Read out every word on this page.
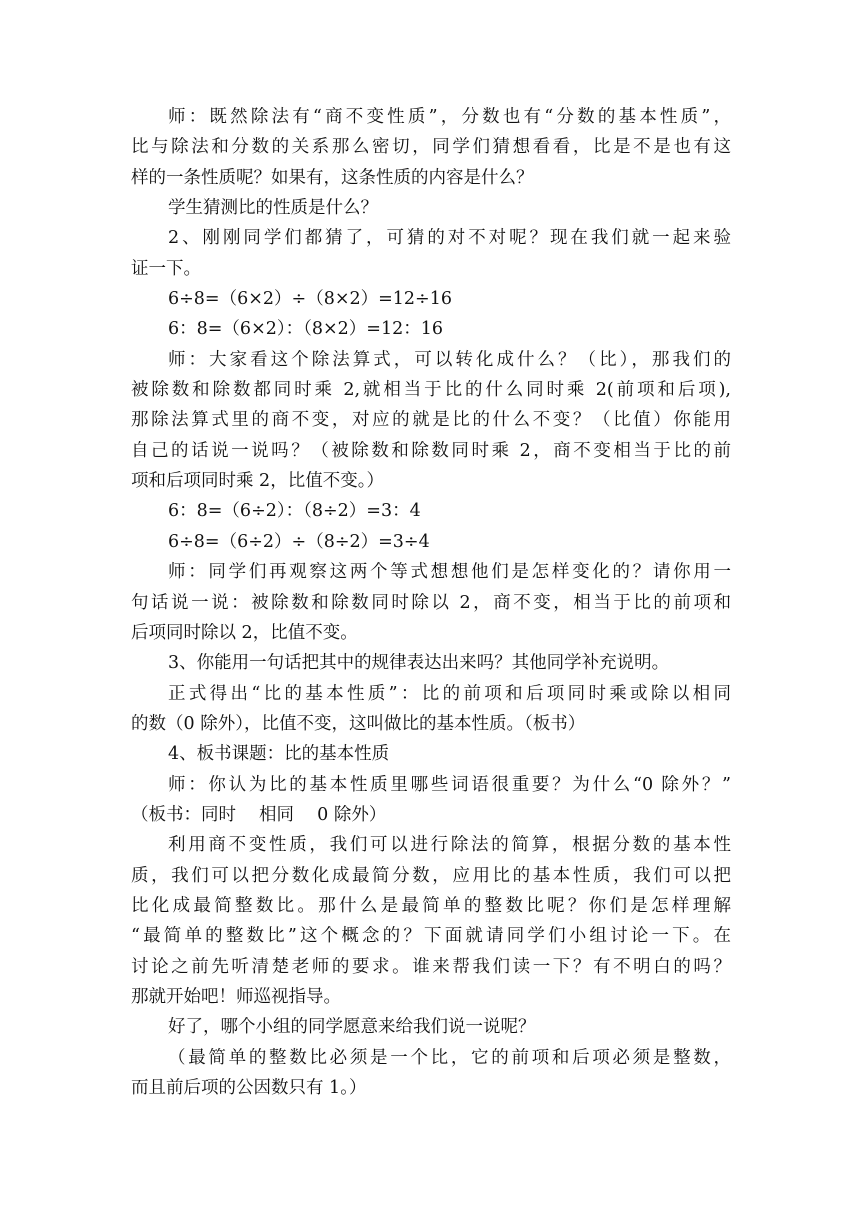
师：既然除法有“商不变性质”，分数也有“分数的基本性质”，
比与除法和分数的关系那么密切，同学们猜想看看，比是不是也有这
样的一条性质呢？如果有，这条性质的内容是什么？
学生猜测比的性质是什么？
2、刚刚同学们都猜了，可猜的对不对呢？现在我们就一起来验
证一下。
6÷8=（6×2）÷（8×2）=12÷16
6：8=（6×2）：（8×2）=12：16
师：大家看这个除法算式，可以转化成什么？（比），那我们的
被除数和除数都同时乘 2,就相当于比的什么同时乘 2(前项和后项),
那除法算式里的商不变，对应的就是比的什么不变？（比值）你能用
自己的话说一说吗？（被除数和除数同时乘 2，商不变相当于比的前
项和后项同时乘 2，比值不变。）
6：8=（6÷2）：（8÷2）=3：4
6÷8=（6÷2）÷（8÷2）=3÷4
师：同学们再观察这两个等式想想他们是怎样变化的？请你用一
句话说一说：被除数和除数同时除以 2，商不变，相当于比的前项和
后项同时除以 2，比值不变。
3、你能用一句话把其中的规律表达出来吗？其他同学补充说明。
正式得出“比的基本性质”：比的前项和后项同时乘或除以相同
的数（0 除外），比值不变，这叫做比的基本性质。（板书）
4、板书课题：比的基本性质
师：你认为比的基本性质里哪些词语很重要？为什么“0 除外？”
（板书：同时　 相同　 0 除外）
利用商不变性质，我们可以进行除法的简算，根据分数的基本性
质，我们可以把分数化成最简分数，应用比的基本性质，我们可以把
比化成最简整数比。那什么是最简单的整数比呢？你们是怎样理解
“最简单的整数比”这个概念的？下面就请同学们小组讨论一下。在
讨论之前先听清楚老师的要求。谁来帮我们读一下？有不明白的吗？
那就开始吧！师巡视指导。
好了，哪个小组的同学愿意来给我们说一说呢？
（最简单的整数比必须是一个比，它的前项和后项必须是整数，
而且前后项的公因数只有 1。）
